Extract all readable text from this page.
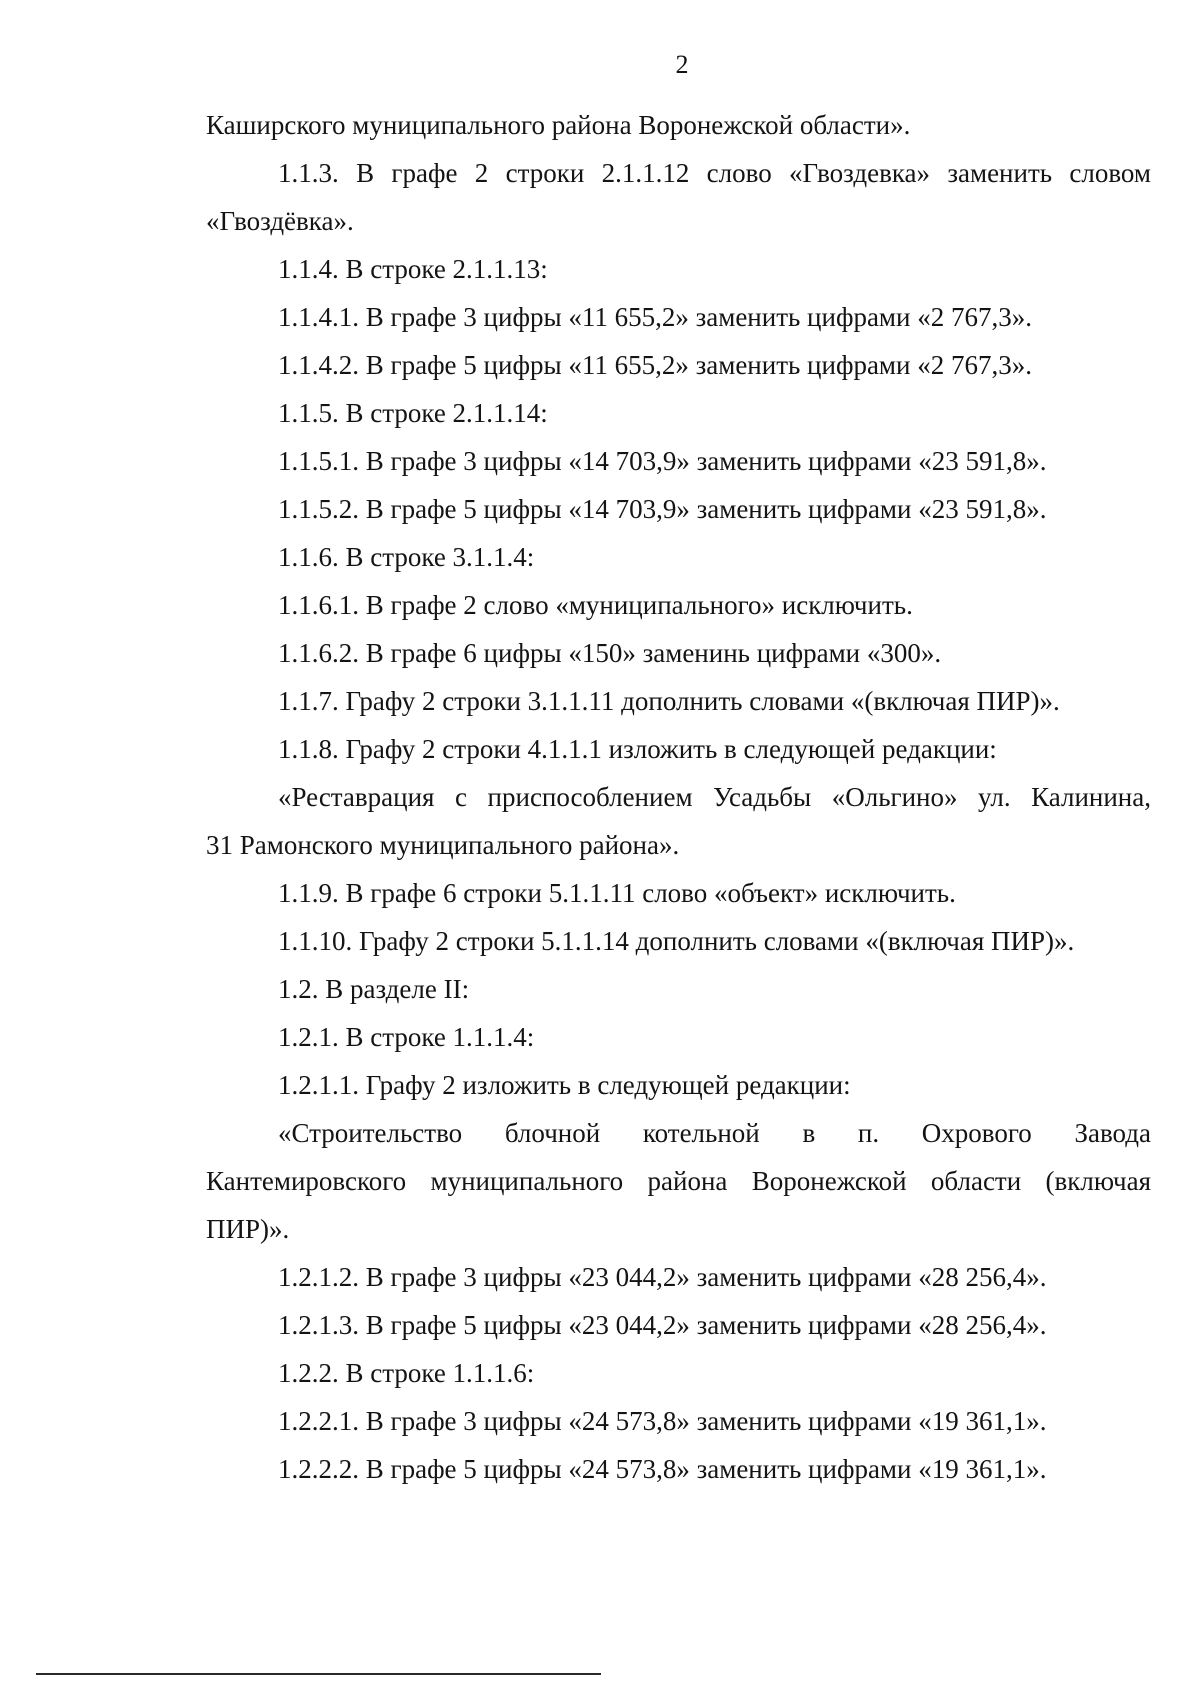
2
Каширского муниципального района Воронежской области».
1.1.3. В графе 2 строки 2.1.1.12 слово «Гвоздевка» заменить словом
«Гвоздёвка».
1.1.4. В строке 2.1.1.13:
1.1.4.1. В графе 3 цифры «11 655,2» заменить цифрами «2 767,3».
1.1.4.2. В графе 5 цифры «11 655,2» заменить цифрами «2 767,3».
1.1.5. В строке 2.1.1.14:
1.1.5.1. В графе 3 цифры «14 703,9» заменить цифрами «23 591,8».
1.1.5.2. В графе 5 цифры «14 703,9» заменить цифрами «23 591,8».
1.1.6. В строке 3.1.1.4:
1.1.6.1. В графе 2 слово «муниципального» исключить.
1.1.6.2. В графе 6 цифры «150» заменинь цифрами «300».
1.1.7. Графу 2 строки 3.1.1.11 дополнить словами «(включая ПИР)».
1.1.8. Графу 2 строки 4.1.1.1 изложить в следующей редакции:
«Реставрация с приспособлением Усадьбы «Ольгино» ул. Калинина,
31 Рамонского муниципального района».
1.1.9. В графе 6 строки 5.1.1.11 слово «объект» исключить.
1.1.10. Графу 2 строки 5.1.1.14 дополнить словами «(включая ПИР)».
1.2. В разделе II:
1.2.1. В строке 1.1.1.4:
1.2.1.1. Графу 2 изложить в следующей редакции:
«Строительство блочной котельной в п. Охрового Завода
Кантемировского муниципального района Воронежской области (включая
ПИР)».
1.2.1.2. В графе 3 цифры «23 044,2» заменить цифрами «28 256,4».
1.2.1.3. В графе 5 цифры «23 044,2» заменить цифрами «28 256,4».
1.2.2. В строке 1.1.1.6:
1.2.2.1. В графе 3 цифры «24 573,8» заменить цифрами «19 361,1».
1.2.2.2. В графе 5 цифры «24 573,8» заменить цифрами «19 361,1».
